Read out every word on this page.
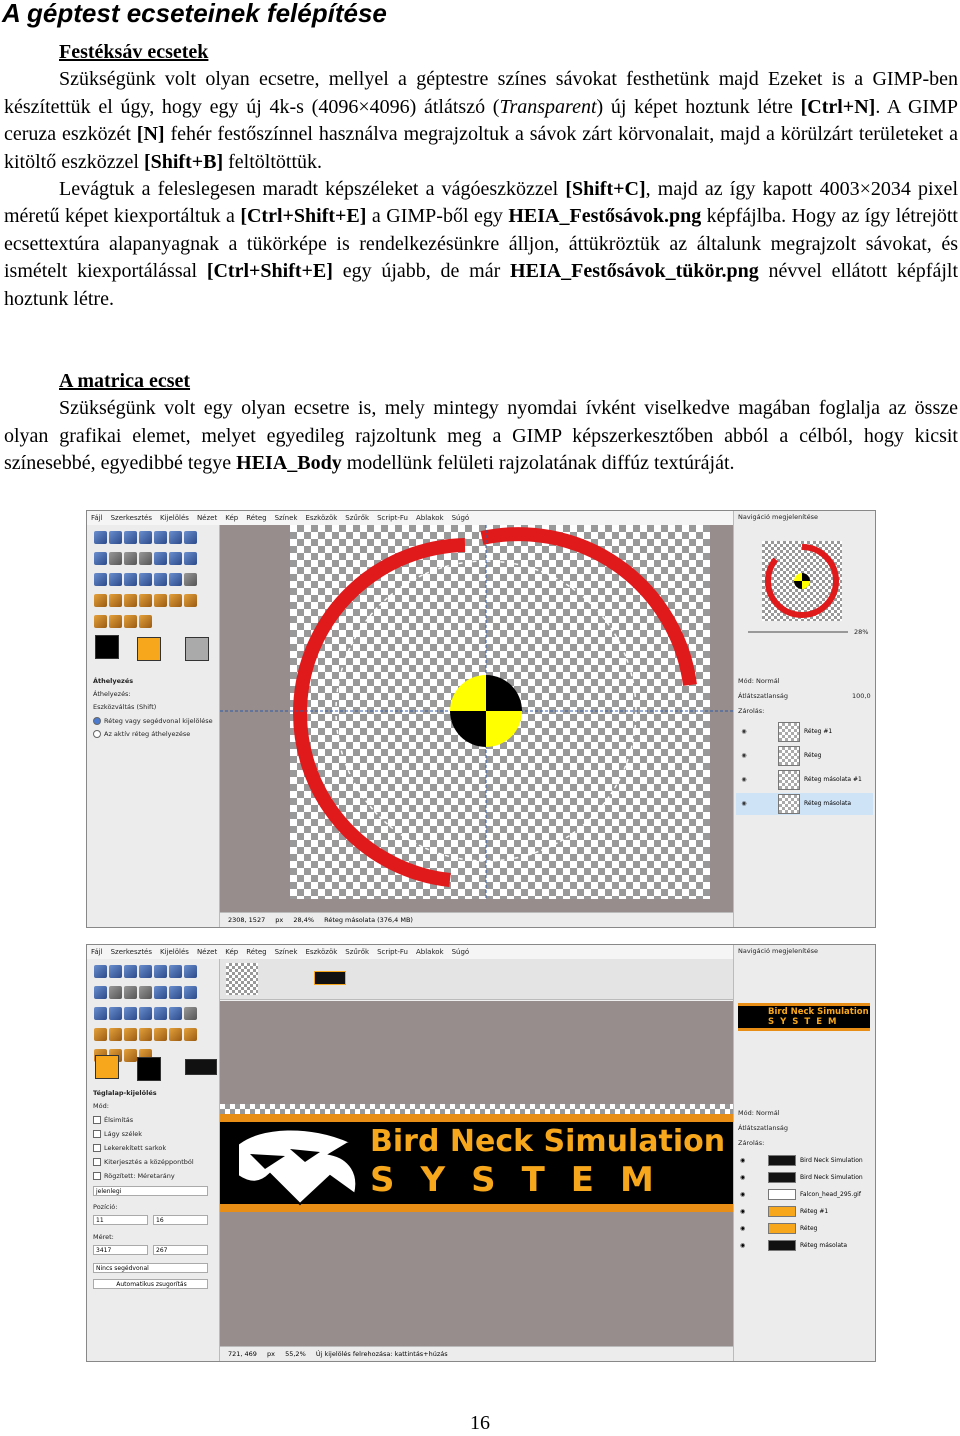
A géptest ecseteinek felépítése

Festéksáv ecsetek

Szükségünk volt olyan ecsetre, mellyel a géptestre színes sávokat festhetünk majd Ezeket is a GIMP-ben készítettük el úgy, hogy egy új 4k-s (4096×4096) átlátszó (Transparent) új képet hoztunk létre [Ctrl+N]. A GIMP ceruza eszközét [N] fehér festőszínnel használva megrajzoltuk a sávok zárt körvonalait, majd a körülzárt területeket a kitöltő eszközzel [Shift+B] feltöltöttük.

Levágtuk a feleslegesen maradt képszéleket a vágóeszközzel [Shift+C], majd az így kapott 4003×2034 pixel méretű képet kiexportáltuk a [Ctrl+Shift+E] a GIMP-ből egy HEIA_Festősávok.png képfájlba. Hogy az így létrejött ecsettextúra alapanyagnak a tükörképe is rendelkezésünkre álljon, áttükröztük az általunk megrajzolt sávokat, és ismételt kiexportálással [Ctrl+Shift+E] egy újabb, de már HEIA_Festősávok_tükör.png névvel ellátott képfájlt hoztunk létre.

A matrica ecset

Szükségünk volt egy olyan ecsetre is, mely mintegy nyomdai ívként viselkedve magában foglalja az össze olyan grafikai elemet, melyet egyedileg rajzoltunk meg a GIMP képszerkesztőben abból a célból, hogy kicsit színesebbé, egyedibbé tegye HEIA_Body modellünk felületi rajzolatának diffúz textúráját.

Fájl Szerkesztés Kijelölés Nézet Kép Réteg Színek Eszközök Szűrők Script-Fu Ablakok Súgó

Áthelyezés
Áthelyezés:
Eszközváltás (Shift)
Réteg vagy segédvonal kijelölése
Az aktív réteg áthelyezése
2308, 1527 px 28,4% Réteg másolata (376,4 MB)
Navigáció megjelenítése
28%
Mód: Normál
Átlátszatlanság	100,0
Zárolás:
◉	Réteg #1
◉	Réteg
◉	Réteg másolata #1
◉	Réteg másolata
Fájl Szerkesztés Kijelölés Nézet Kép Réteg Színek Eszközök Szűrők Script-Fu Ablakok Súgó

Téglalap-kijelölés
Mód:
Élsimítás
Lágy szélek
Lekerekített sarkok
Kiterjesztés a középpontból
Rögzített: Méretarány
jelenlegi
Pozíció:
11	16
Méret:
3417	267
Nincs segédvonal
Automatikus zsugorítás
Bird Neck Simulation
SYSTEM
721, 469 px 55,2% Új kijelölés felrehozása: kattintás+húzás
Navigáció megjelenítése
Bird Neck Simulation
SYSTEM
Mód: Normál
Átlátszatlanság
Zárolás:
◉	Bird Neck Simulation
◉	Bird Neck Simulation
◉	Falcon_head_295.gif
◉	Réteg #1
◉	Réteg
◉	Réteg másolata
16
